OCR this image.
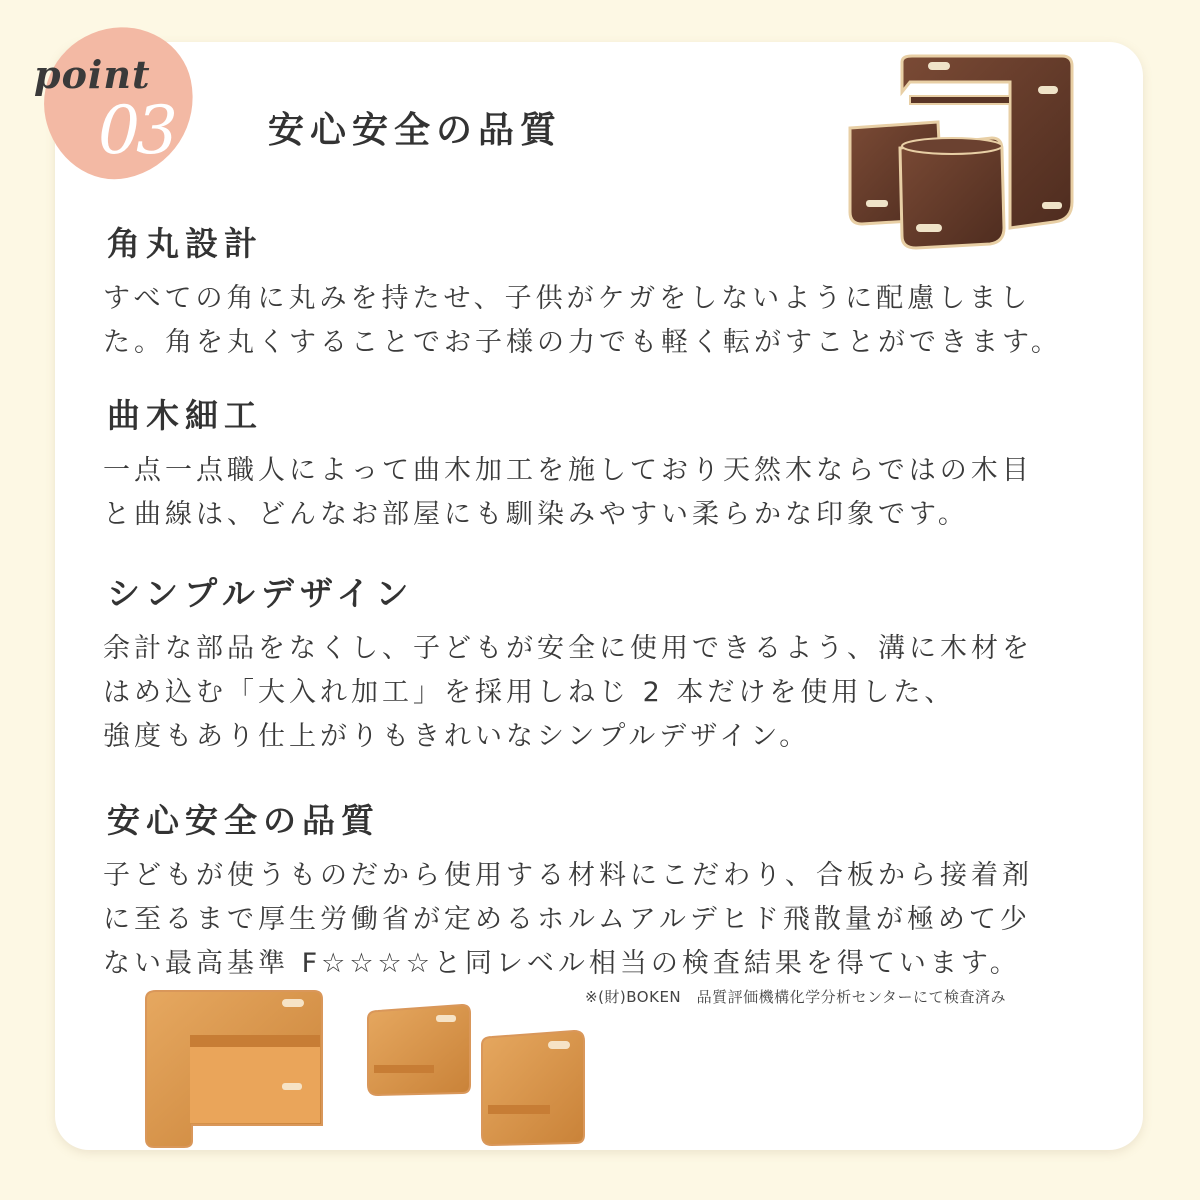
point
03	安心安全の品質
角丸設計
すべての角に丸みを持たせ、子供がケガをしないように配慮しまし
た。角を丸くすることでお子様の力でも軽く転がすことができます。
曲木細工
一点一点職人によって曲木加工を施しており天然木ならではの木目
と曲線は、どんなお部屋にも馴染みやすい柔らかな印象です。
シンプルデザイン
余計な部品をなくし、子どもが安全に使用できるよう、溝に木材を
はめ込む「大入れ加工」を採用しねじ 2 本だけを使用した、
強度もあり仕上がりもきれいなシンプルデザイン。
安心安全の品質
子どもが使うものだから使用する材料にこだわり、合板から接着剤
に至るまで厚生労働省が定めるホルムアルデヒド飛散量が極めて少
ない最高基準 F☆☆☆☆と同レベル相当の検査結果を得ています。
※(財)BOKEN　品質評価機構化学分析センターにて検査済み
